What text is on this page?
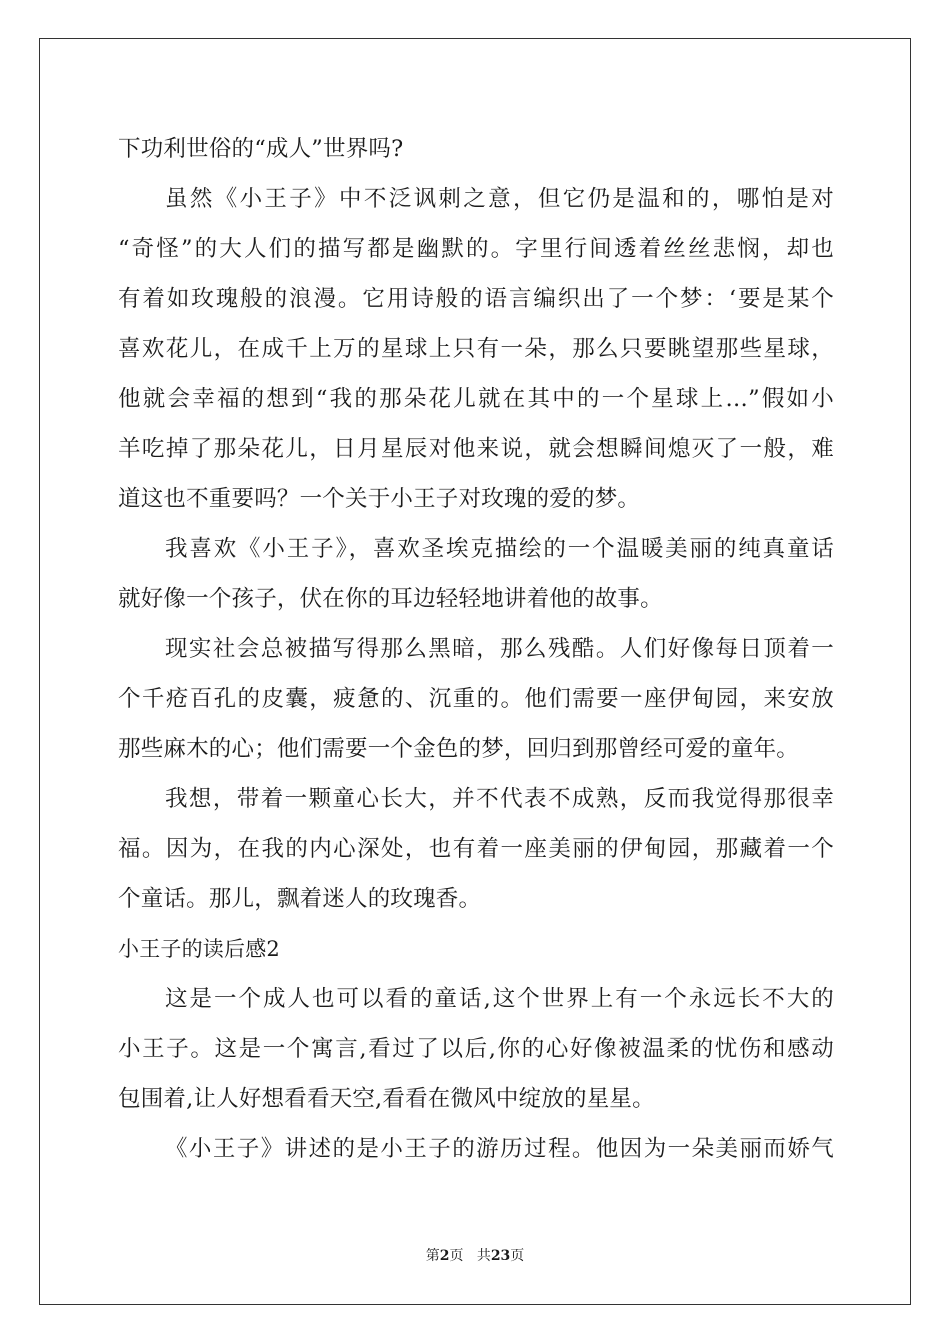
下功利世俗的“成人”世界吗?
虽然《小王子》中不泛讽刺之意，但它仍是温和的，哪怕是对
“奇怪”的大人们的描写都是幽默的。字里行间透着丝丝悲悯，却也
有着如玫瑰般的浪漫。它用诗般的语言编织出了一个梦：‘要是某个
喜欢花儿，在成千上万的星球上只有一朵，那么只要眺望那些星球，
他就会幸福的想到“我的那朵花儿就在其中的一个星球上…”假如小
羊吃掉了那朵花儿，日月星辰对他来说，就会想瞬间熄灭了一般，难
道这也不重要吗？一个关于小王子对玫瑰的爱的梦。
我喜欢《小王子》，喜欢圣埃克描绘的一个温暖美丽的纯真童话
就好像一个孩子，伏在你的耳边轻轻地讲着他的故事。
现实社会总被描写得那么黑暗，那么残酷。人们好像每日顶着一
个千疮百孔的皮囊，疲惫的、沉重的。他们需要一座伊甸园，来安放
那些麻木的心；他们需要一个金色的梦，回归到那曾经可爱的童年。
我想，带着一颗童心长大，并不代表不成熟，反而我觉得那很幸
福。因为，在我的内心深处，也有着一座美丽的伊甸园，那藏着一个
个童话。那儿，飘着迷人的玫瑰香。
小王子的读后感2
这是一个成人也可以看的童话,这个世界上有一个永远长不大的
小王子。这是一个寓言,看过了以后,你的心好像被温柔的忧伤和感动
包围着,让人好想看看天空,看看在微风中绽放的星星。
《小王子》讲述的是小王子的游历过程。他因为一朵美丽而娇气
第2页 共23页
